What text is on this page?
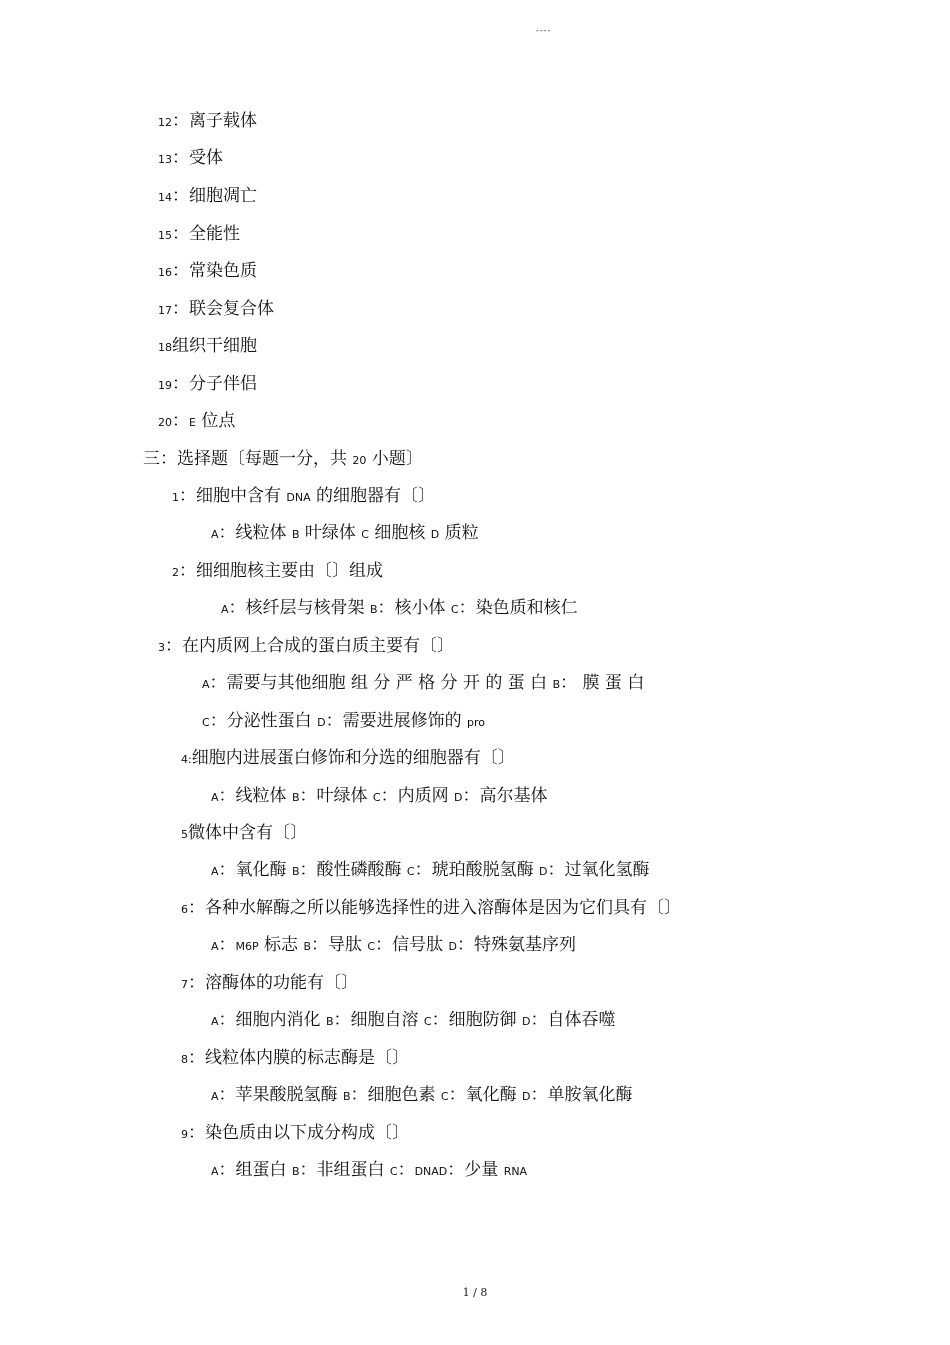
----
12：离子载体
13：受体
14：细胞凋亡
15：全能性
16：常染色质
17：联会复合体
18组织干细胞
19：分子伴侣
20：E 位点
三：选择题〔每题一分，共 20 小题〕
1：细胞中含有 DNA 的细胞器有〔〕
A：线粒体 B 叶绿体 C 细胞核 D 质粒
2：细细胞核主要由〔〕组成
A：核纤层与核骨架 B：核小体 C：染色质和核仁
3：在内质网上合成的蛋白质主要有〔〕
A：需要与其他细胞 组 分 严 格 分 开 的 蛋 白 B： 膜 蛋 白
C：分泌性蛋白 D：需要进展修饰的 pro
4:细胞内进展蛋白修饰和分选的细胞器有〔〕
A：线粒体 B：叶绿体 C：内质网 D：高尔基体
5微体中含有〔〕
A：氧化酶 B：酸性磷酸酶 C：琥珀酸脱氢酶 D：过氧化氢酶
6：各种水解酶之所以能够选择性的进入溶酶体是因为它们具有〔〕
A：M6P 标志 B：导肽 C：信号肽 D：特殊氨基序列
7：溶酶体的功能有〔〕
A：细胞内消化 B：细胞自溶 C：细胞防御 D：自体吞噬
8：线粒体内膜的标志酶是〔〕
A：苹果酸脱氢酶 B：细胞色素 C：氧化酶 D：单胺氧化酶
9：染色质由以下成分构成〔〕
A：组蛋白 B：非组蛋白 C：DNAD：少量 RNA
1 / 8
